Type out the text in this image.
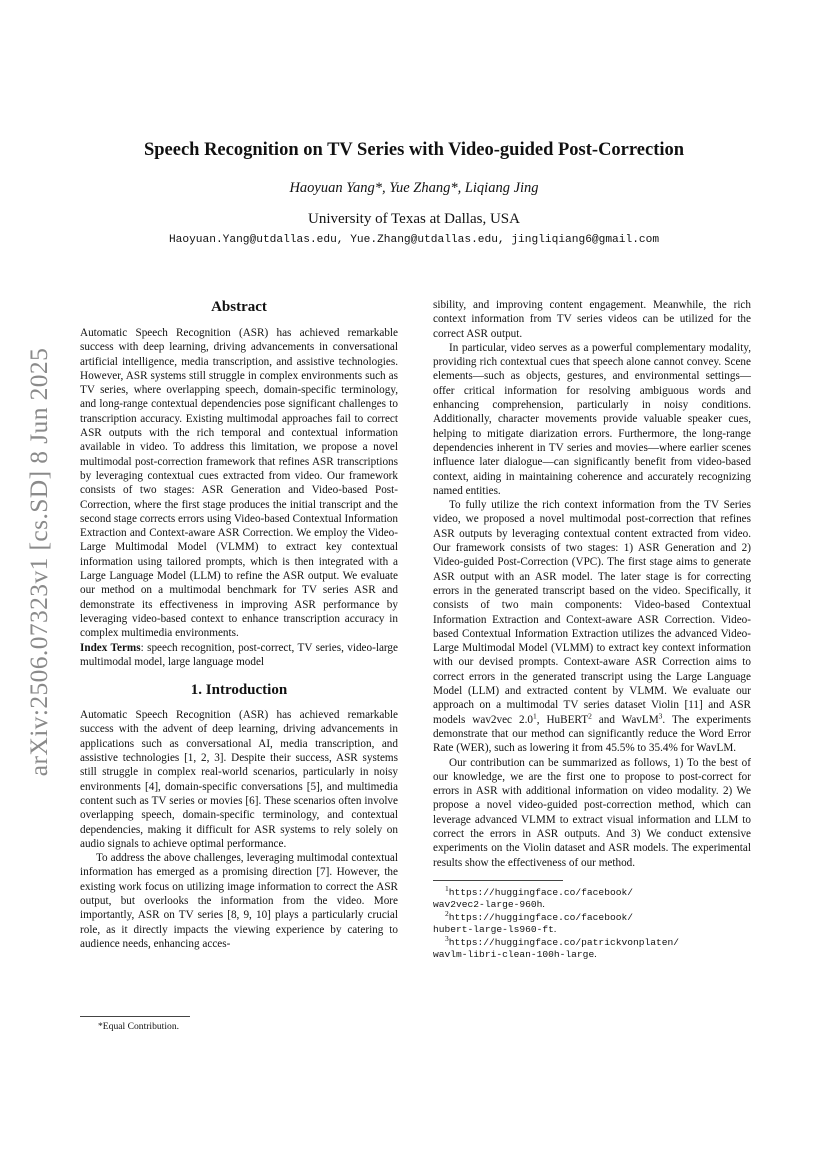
arXiv:2506.07323v1 [cs.SD] 8 Jun 2025
Speech Recognition on TV Series with Video-guided Post-Correction
Haoyuan Yang*, Yue Zhang*, Liqiang Jing
University of Texas at Dallas, USA
Haoyuan.Yang@utdallas.edu, Yue.Zhang@utdallas.edu, jingliqiang6@gmail.com
Abstract

Automatic Speech Recognition (ASR) has achieved remarkable success with deep learning, driving advancements in conversational artificial intelligence, media transcription, and assistive technologies. However, ASR systems still struggle in complex environments such as TV series, where overlapping speech, domain-specific terminology, and long-range contextual dependencies pose significant challenges to transcription accuracy. Existing multimodal approaches fail to correct ASR outputs with the rich temporal and contextual information available in video. To address this limitation, we propose a novel multimodal post-correction framework that refines ASR transcriptions by leveraging contextual cues extracted from video. Our framework consists of two stages: ASR Generation and Video-based Post-Correction, where the first stage produces the initial transcript and the second stage corrects errors using Video-based Contextual Information Extraction and Context-aware ASR Correction. We employ the Video-Large Multimodal Model (VLMM) to extract key contextual information using tailored prompts, which is then integrated with a Large Language Model (LLM) to refine the ASR output. We evaluate our method on a multimodal benchmark for TV series ASR and demonstrate its effectiveness in improving ASR performance by leveraging video-based context to enhance transcription accuracy in complex multimedia environments.

Index Terms: speech recognition, post-correct, TV series, video-large multimodal model, large language model

1. Introduction

Automatic Speech Recognition (ASR) has achieved remarkable success with the advent of deep learning, driving advancements in applications such as conversational AI, media transcription, and assistive technologies [1, 2, 3]. Despite their success, ASR systems still struggle in complex real-world scenarios, particularly in noisy environments [4], domain-specific conversations [5], and multimedia content such as TV series or movies [6]. These scenarios often involve overlapping speech, domain-specific terminology, and contextual dependencies, making it difficult for ASR systems to rely solely on audio signals to achieve optimal performance.

To address the above challenges, leveraging multimodal contextual information has emerged as a promising direction [7]. However, the existing work focus on utilizing image information to correct the ASR output, but overlooks the information from the video. More importantly, ASR on TV series [8, 9, 10] plays a particularly crucial role, as it directly impacts the viewing experience by catering to audience needs, enhancing acces-

*Equal Contribution.

sibility, and improving content engagement. Meanwhile, the rich context information from TV series videos can be utilized for the correct ASR output.

In particular, video serves as a powerful complementary modality, providing rich contextual cues that speech alone cannot convey. Scene elements—such as objects, gestures, and environmental settings—offer critical information for resolving ambiguous words and enhancing comprehension, particularly in noisy conditions. Additionally, character movements provide valuable speaker cues, helping to mitigate diarization errors. Furthermore, the long-range dependencies inherent in TV series and movies—where earlier scenes influence later dialogue—can significantly benefit from video-based context, aiding in maintaining coherence and accurately recognizing named entities.

To fully utilize the rich context information from the TV Series video, we proposed a novel multimodal post-correction that refines ASR outputs by leveraging contextual content extracted from video. Our framework consists of two stages: 1) ASR Generation and 2) Video-guided Post-Correction (VPC). The first stage aims to generate ASR output with an ASR model. The later stage is for correcting errors in the generated transcript based on the video. Specifically, it consists of two main components: Video-based Contextual Information Extraction and Context-aware ASR Correction. Video-based Contextual Information Extraction utilizes the advanced Video-Large Multimodal Model (VLMM) to extract key context information with our devised prompts. Context-aware ASR Correction aims to correct errors in the generated transcript using the Large Language Model (LLM) and extracted content by VLMM. We evaluate our approach on a multimodal TV series dataset Violin [11] and ASR models wav2vec $2.0^1$, HuBERT$^2$ and WavLM$^3$. The experiments demonstrate that our method can significantly reduce the Word Error Rate (WER), such as lowering it from 45.5% to 35.4% for WavLM.

Our contribution can be summarized as follows, 1) To the best of our knowledge, we are the first one to propose to post-correct for errors in ASR with additional information on video modality. 2) We propose a novel video-guided post-correction method, which can leverage advanced VLMM to extract visual information and LLM to correct the errors in ASR outputs. And 3) We conduct extensive experiments on the Violin dataset and ASR models. The experimental results show the effectiveness of our method.

$^1$https://huggingface.co/facebook/
wav2vec2-large-960h.

$^2$https://huggingface.co/facebook/
hubert-large-ls960-ft.

$^3$https://huggingface.co/patrickvonplaten/
wavlm-libri-clean-100h-large.
